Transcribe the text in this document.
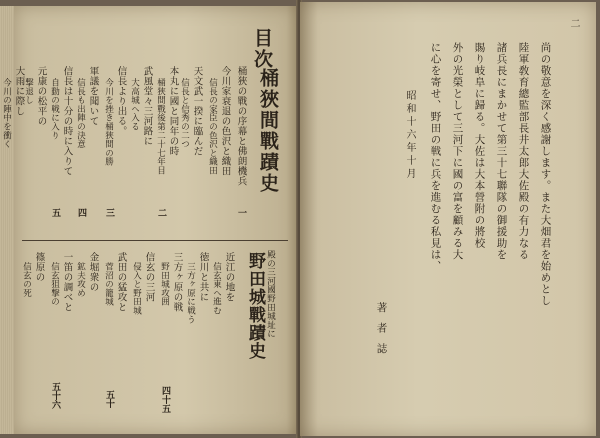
目次
桶狹間戰蹟史
桶狹の戰の序幕と佛朗機兵
一
今川家衰退の色沢と織田
信長の家臣の色沢と織田
天文武一揆に臨んだ
信長と信秀の二つ
本丸に國と同年の時
桶狹間戰後第二十七年目
二
武風堂々三河路に
大高城へ入る
信長より出る。
今川を挫き桶狹間の勝
三
軍議を聞いて
信長も出陣の決意
四
信長は十分の時に入りて
自動の戦に入り
五
元康の松平の
撃退し
大雨に際し
今川の陣中を衝く
殿の三河國野田城址に
野田城戰蹟史
近江の地を
信玄東へ進む
徳川と共に
三方ヶ原に戦う
三方ヶ原の戦
野田城攻囲
四十五
信玄の三河
侵入と野田城
武田の猛攻と
菅沼の籠城
五十
金堀衆の
鉱夫攻め
一笛の調べと
信玄狙撃の
五十六
篠原の
信玄の死
二
尚の敬意を深く感謝します。また大畑君を始めとし
陸軍敎育總監部長井太郎大佐殿の有力なる
諸兵長にまかせて第三十七聯隊の御援助を
賜り岐阜に歸る。大佐は大本營附の將校
外の光榮として三河下に國の富を顧みる大
に心を寄せ、野田の戦に兵を進むる私見は、
昭和十六年十月
著者誌
